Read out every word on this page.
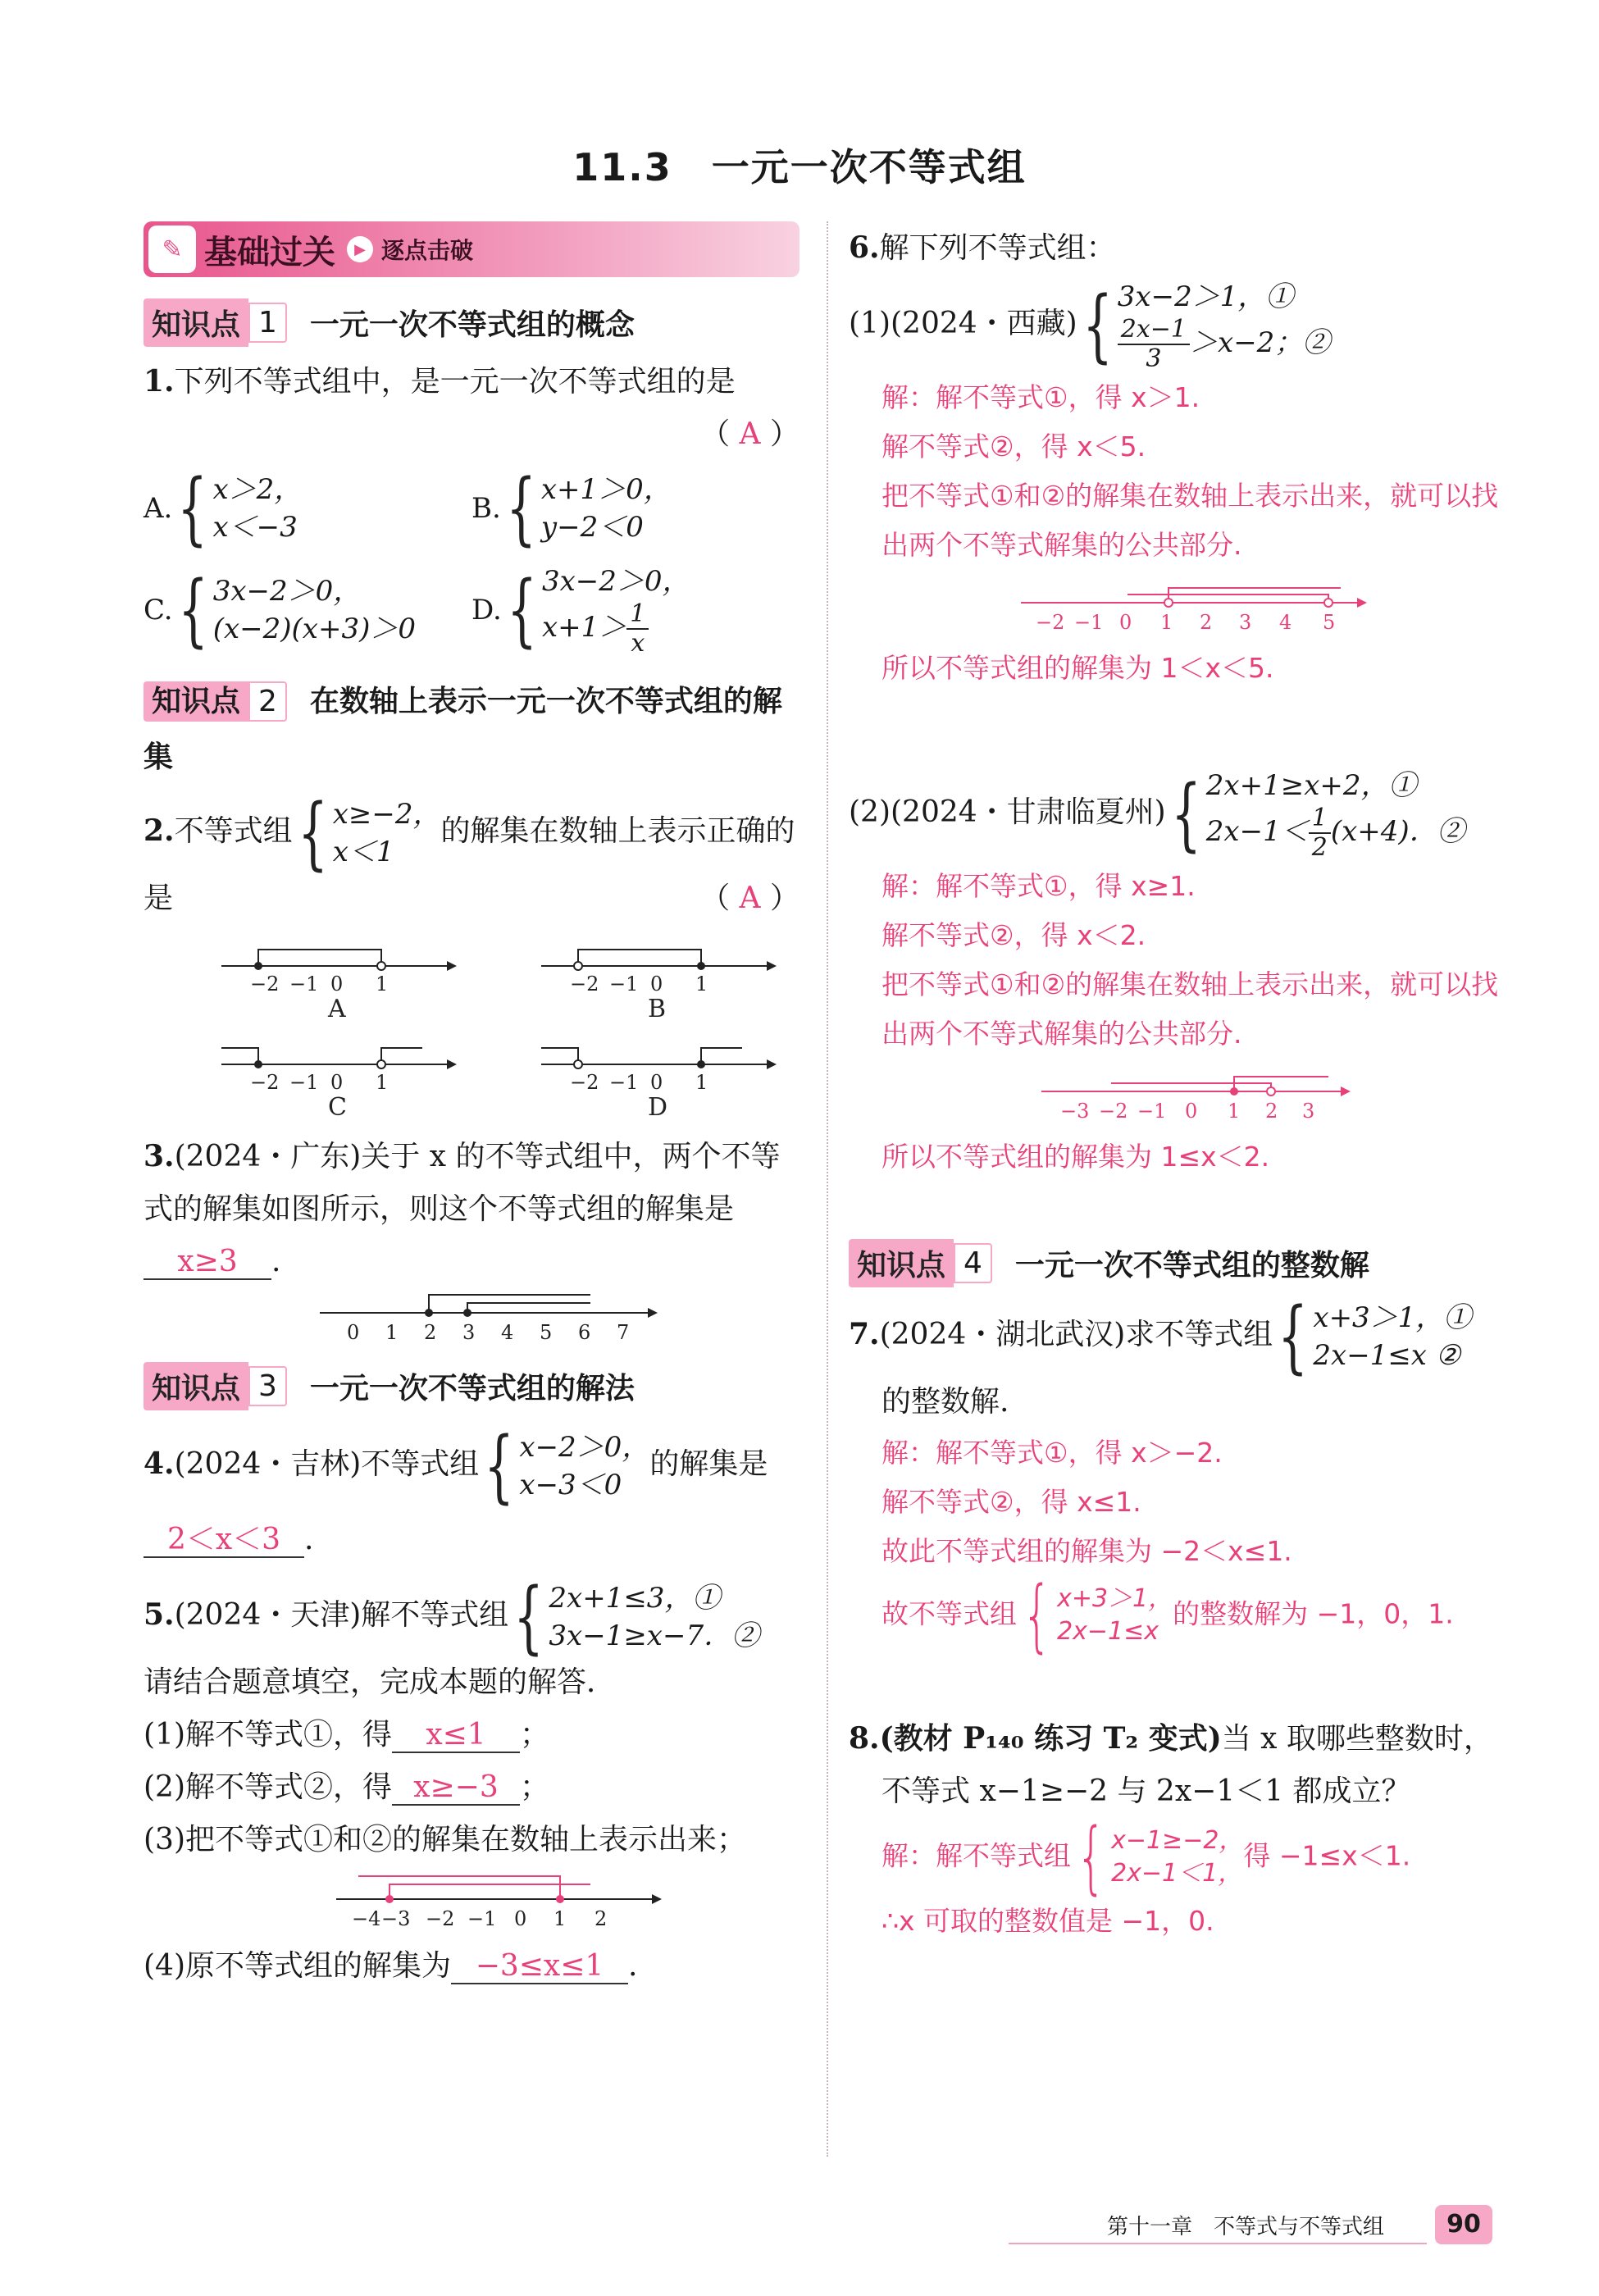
11.3　一元一次不等式组
✎ 基础过关	▶ 逐点击破
知识点 1	一元一次不等式组的概念
1.下列不等式组中，是一元一次不等式组的是
（ A ）
A. { x＞2，
x＜−3
B. { x+1＞0，
y−2＜0
C. { 3x−2＞0，
(x−2)(x+3)＞0
D. { 3x−2＞0，
$x+1> \frac{1}{x}$
知识点 2 在数轴上表示一元一次不等式组的解集
2.不等式组 { x≥−2，
x＜1
的解集在数轴上表示正确的是	（ A ）
−2 −1 0 1
A
−2 −1 0 1
B
−2 −1 0 1
C
−2 −1 0 1
D
3.(2024・广东)关于 x 的不等式组中，两个不等式的解集如图所示，则这个不等式组的解集是x≥3 .
0 1 2 3 4 5 6 7
知识点 3	一元一次不等式组的解法
4.(2024・吉林)不等式组 { x−2＞0，
x−3＜0
的解集是
2＜x＜3 .
5.(2024・天津)解不等式组 { 2x+1≤3，①
3x−1≥x−7．②
请结合题意填空，完成本题的解答．
(1)解不等式①，得 x≤1 ；
(2)解不等式②，得 x≥−3 ；
(3)把不等式①和②的解集在数轴上表示出来；
−4 −3 −2 −1 0 1 2
(4)原不等式组的解集为 −3≤x≤1 .
6.解下列不等式组：
(1)(2024・西藏) { 3x−2＞1，①
$\frac{2x-1}{3} >x-2$；②
解：解不等式①，得 x＞1.
解不等式②，得 x＜5.
把不等式①和②的解集在数轴上表示出来，就可以找出两个不等式解集的公共部分.
−2 −1 0 1 2 3 4 5
所以不等式组的解集为 1＜x＜5.
(2)(2024・甘肃临夏州) { 2x+1≥x+2，①
$2x-1< \frac{1}{2} (x+4)$．②
解：解不等式①，得 x≥1.
解不等式②，得 x＜2.
把不等式①和②的解集在数轴上表示出来，就可以找出两个不等式解集的公共部分.
−3 −2 −1 0 1 2 3
所以不等式组的解集为 1≤x＜2.
知识点 4	一元一次不等式组的整数解
7.(2024・湖北武汉)求不等式组 { x+3＞1，①
2x−1≤x ②
的整数解.
解：解不等式①，得 x＞−2.
解不等式②，得 x≤1.
故此不等式组的解集为 −2＜x≤1.
故不等式组 { x+3＞1，
2x−1≤x
的整数解为 −1，0，1.
8.(教材 P₁₄₀ 练习 T₂ 变式)当 x 取哪些整数时，
不等式 x−1≥−2 与 2x−1＜1 都成立？
解：解不等式组 { x−1≥−2，
2x−1＜1，
得 −1≤x＜1.
∴x 可取的整数值是 −1，0.
第十一章　不等式与不等式组	90
